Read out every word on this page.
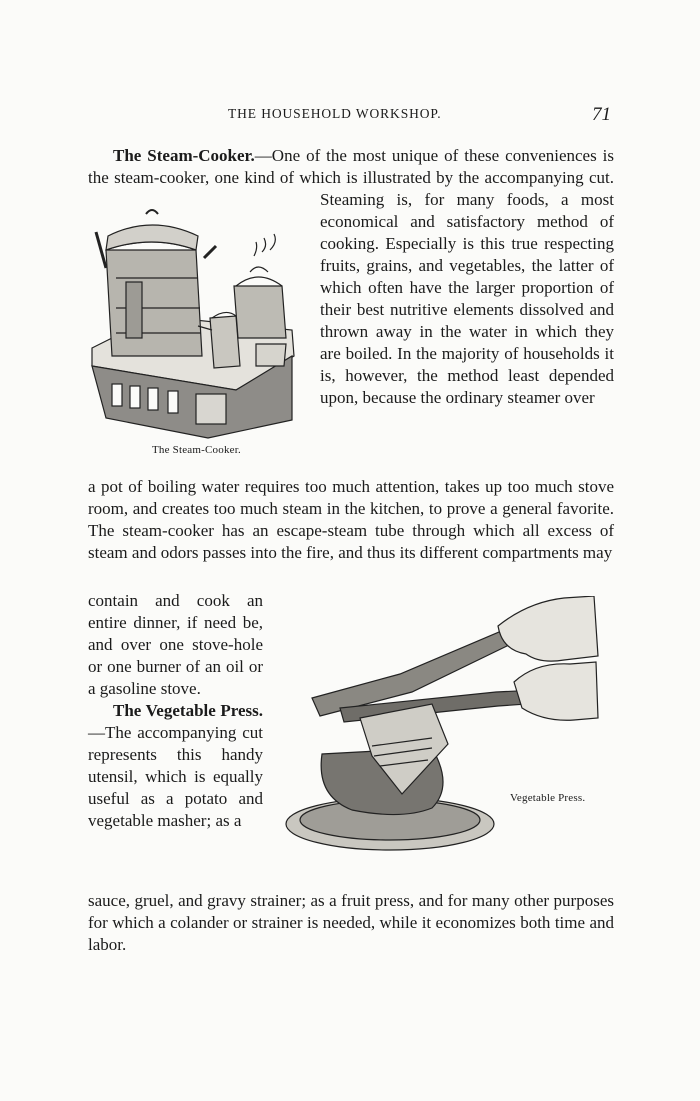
THE HOUSEHOLD WORKSHOP.	71
The Steam-Cooker.

The Steam-Cooker.
—One of the most unique of these conveniences is the steam-cooker, one kind of which is illustrated by the accompanying cut. Steaming is, for many foods, a most economical and satisfactory method of cooking. Especially is this true respecting fruits, grains, and vegetables, the latter of which often have the larger proportion of their best nutritive elements dissolved and thrown away in the water in which they are boiled. In the majority of households it is, however, the method least depended upon, because the ordinary steamer over

a pot of boiling water requires too much attention, takes up too much stove room, and creates too much steam in the kitchen, to prove a general favorite. The steam-cooker has an escape-steam tube through which all excess of steam and odors passes into the fire, and thus its different compartments may

contain and cook an entire dinner, if need be, and over one stove-hole or one burner of an oil or a gasoline stove.
The Vegetable Press.—The accompanying cut represents this handy utensil, which is equally useful as a potato and vegetable masher; as a

Vegetable Press.

sauce, gruel, and gravy strainer; as a fruit press, and for many other purposes for which a colander or strainer is needed, while it economizes both time and labor.
